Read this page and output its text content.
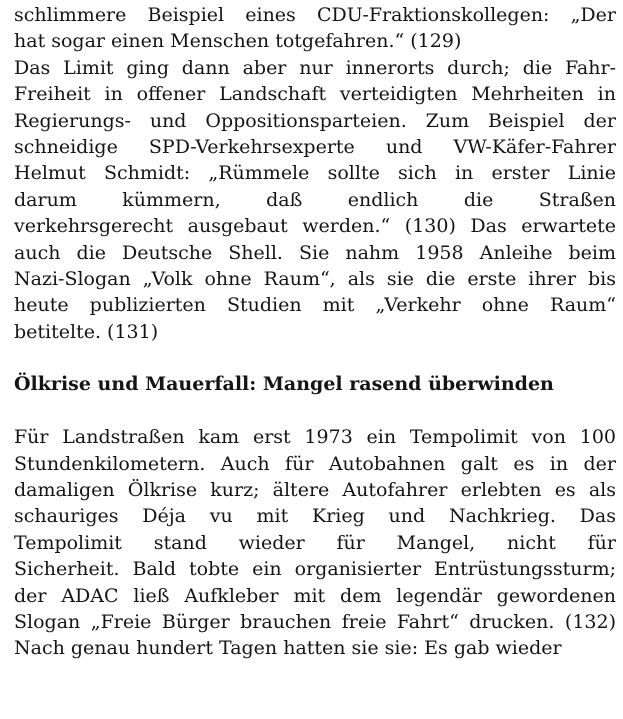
schlimmere Beispiel eines CDU-Fraktionskollegen: „Der
hat sogar einen Menschen totgefahren.“ (129)
Das Limit ging dann aber nur innerorts durch; die Fahr-
Freiheit in offener Landschaft verteidigten Mehrheiten in
Regierungs- und Oppositionsparteien. Zum Beispiel der
schneidige SPD-Verkehrsexperte und VW-Käfer-Fahrer
Helmut Schmidt: „Rümmele sollte sich in erster Linie
darum kümmern, daß endlich die Straßen
verkehrsgerecht ausgebaut werden.“ (130) Das erwartete
auch die Deutsche Shell. Sie nahm 1958 Anleihe beim
Nazi-Slogan „Volk ohne Raum“, als sie die erste ihrer bis
heute publizierten Studien mit „Verkehr ohne Raum“
betitelte. (131)
Ölkrise und Mauerfall: Mangel rasend überwinden
Für Landstraßen kam erst 1973 ein Tempolimit von 100
Stundenkilometern. Auch für Autobahnen galt es in der
damaligen Ölkrise kurz; ältere Autofahrer erlebten es als
schauriges Déja vu mit Krieg und Nachkrieg. Das
Tempolimit stand wieder für Mangel, nicht für
Sicherheit. Bald tobte ein organisierter Entrüstungssturm;
der ADAC ließ Aufkleber mit dem legendär gewordenen
Slogan „Freie Bürger brauchen freie Fahrt“ drucken. (132)
Nach genau hundert Tagen hatten sie sie: Es gab wieder
